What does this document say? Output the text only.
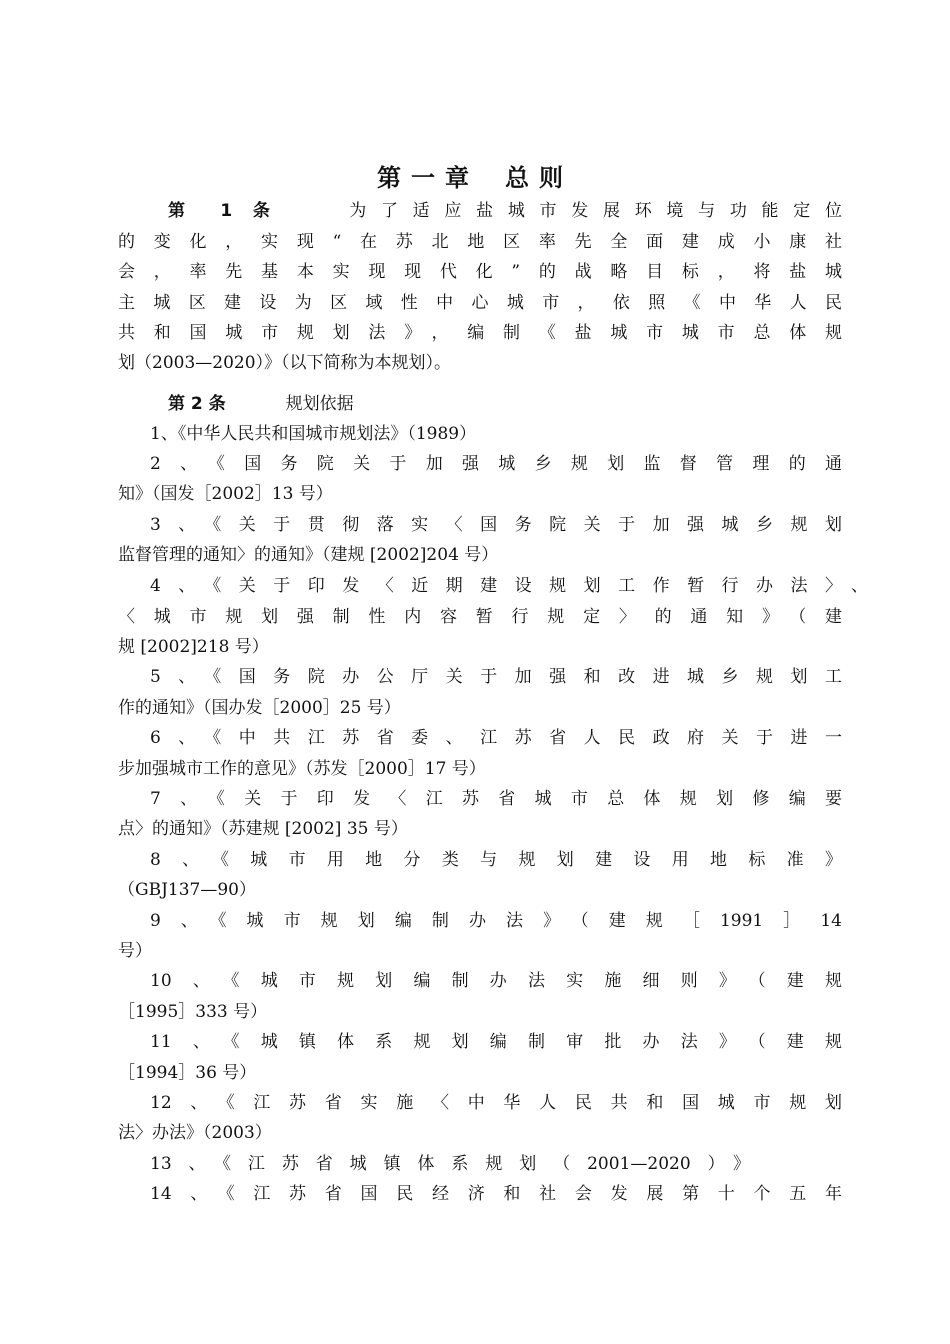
第一章 总则
第 1 条	为了适应盐城市发展环境与功能定位
的变化，实现“在苏北地区率先全面建成小康社
会，率先基本实现现代化”的战略目标，将盐城
主城区建设为区域性中心城市，依照《中华人民
共和国城市规划法》，编制《盐城市城市总体规
划（2003—2020）》（以下简称为本规划）。
第 2 条	规划依据
1、《中华人民共和国城市规划法》（1989）
2、《国务院关于加强城乡规划监督管理的通
知》（国发［2002］13 号）
3、《关于贯彻落实〈国务院关于加强城乡规划
监督管理的通知〉的通知》（建规 [2002]204 号）
4、《关于印发〈近期建设规划工作暂行办法〉、
〈城市规划强制性内容暂行规定〉的通知》（建
规 [2002]218 号）
5、《国务院办公厅关于加强和改进城乡规划工
作的通知》（国办发［2000］25 号）
6、《中共江苏省委、江苏省人民政府关于进一
步加强城市工作的意见》（苏发［2000］17 号）
7、《关于印发〈江苏省城市总体规划修编要
点〉的通知》（苏建规 [2002] 35 号）
8、《城市用地分类与规划建设用地标准》
（GBJ137—90）
9、《城市规划编制办法》（建规［1991］14
号）
10、《城市规划编制办法实施细则》（建规
［1995］333 号）
11、《城镇体系规划编制审批办法》（建规
［1994］36 号）
12、《江苏省实施〈中华人民共和国城市规划
法〉办法》（2003）
13、《江苏省城镇体系规划（2001—2020）》
14、《江苏省国民经济和社会发展第十个五年
